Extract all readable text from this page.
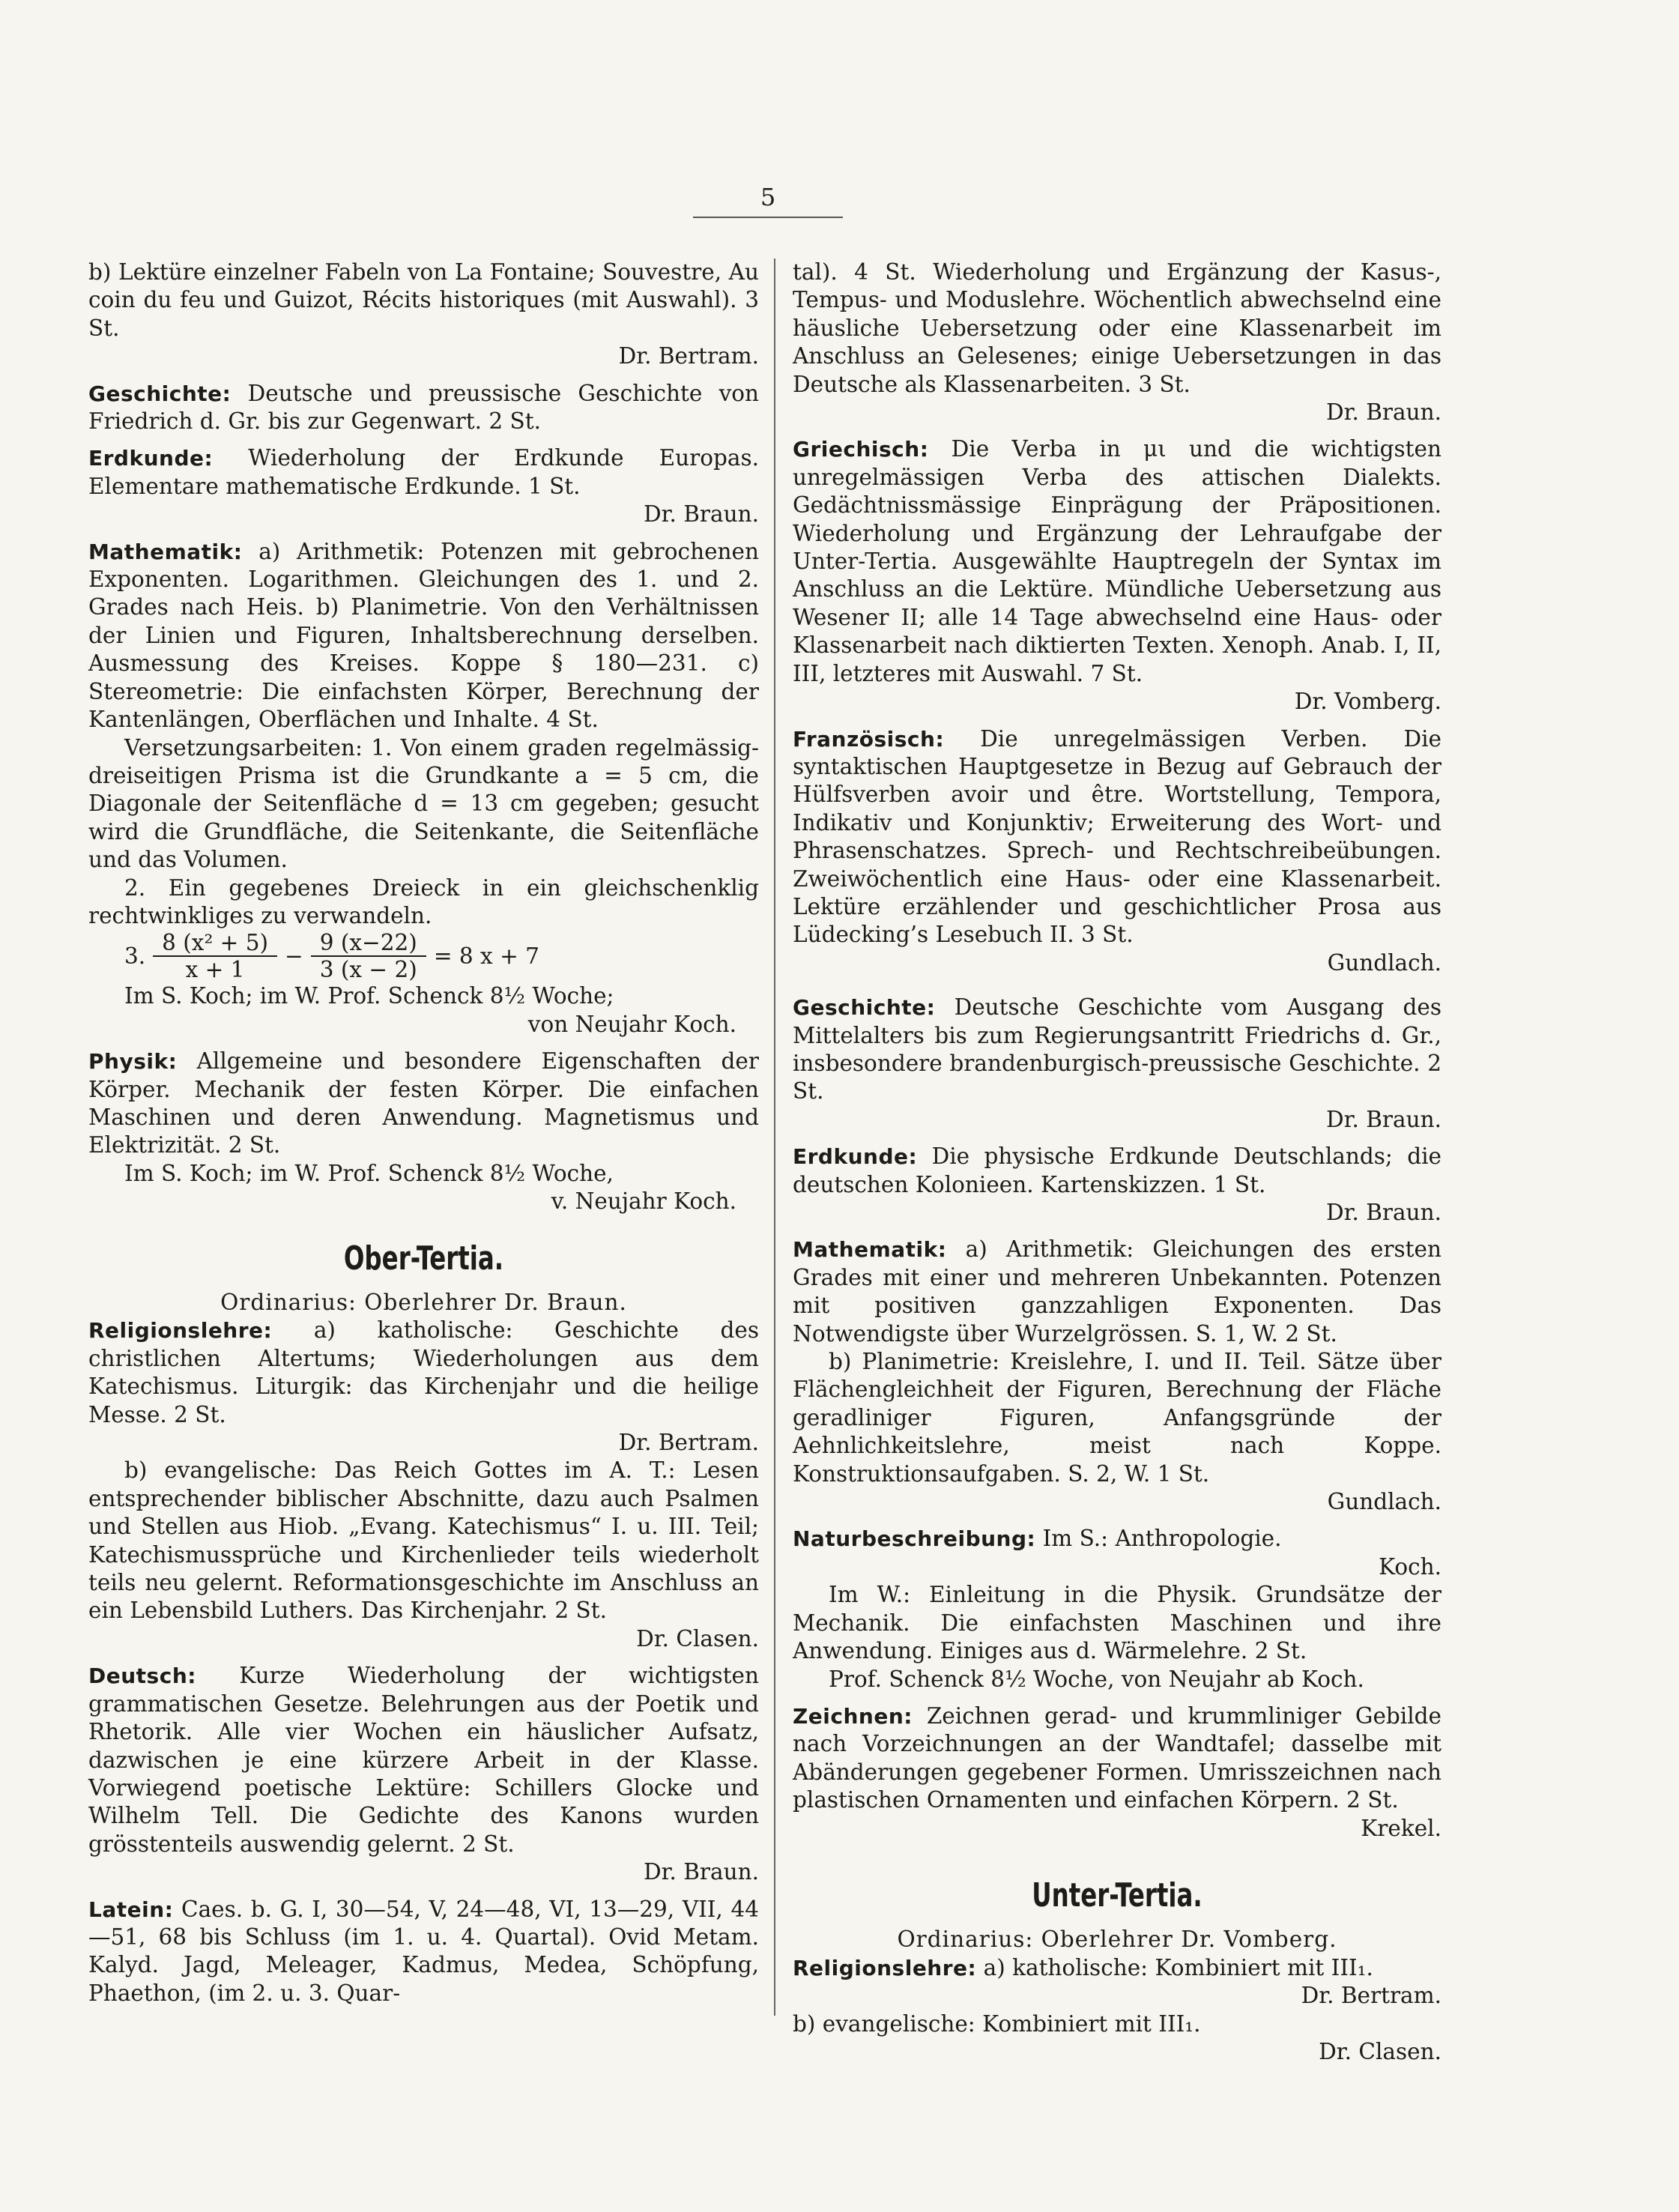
5

b) Lektüre einzelner Fabeln von La Fontaine; Souvestre, Au coin du feu und Guizot, Récits historiques (mit Auswahl). 3 St.

Dr. Bertram.

Geschichte: Deutsche und preussische Geschichte von Friedrich d. Gr. bis zur Gegenwart. 2 St.

Erdkunde: Wiederholung der Erdkunde Europas. Elementare mathematische Erdkunde. 1 St.

Dr. Braun.

Mathematik: a) Arithmetik: Potenzen mit gebrochenen Exponenten. Logarithmen. Gleichungen des 1. und 2. Grades nach Heis. b) Planimetrie. Von den Verhältnissen der Linien und Figuren, Inhaltsberechnung derselben. Ausmessung des Kreises. Koppe § 180—231. c) Stereometrie: Die einfachsten Körper, Berechnung der Kantenlängen, Oberflächen und Inhalte. 4 St.

Versetzungsarbeiten: 1. Von einem graden regelmässig-dreiseitigen Prisma ist die Grundkante a = 5 cm, die Diagonale der Seitenfläche d = 13 cm gegeben; gesucht wird die Grundfläche, die Seitenkante, die Seitenfläche und das Volumen.

2. Ein gegebenes Dreieck in ein gleichschenklig rechtwinkliges zu verwandeln.

3. $\frac{\text{8 (x² + 5)}}{x + 1} - \frac{9 (x-22)}{3 (x - 2)} = 8$ x + 7

Im S. Koch; im W. Prof. Schenck 8½ Woche;

von Neujahr Koch.

Physik: Allgemeine und besondere Eigenschaften der Körper. Mechanik der festen Körper. Die einfachen Maschinen und deren Anwendung. Magnetismus und Elektrizität. 2 St.

Im S. Koch; im W. Prof. Schenck 8½ Woche,

v. Neujahr Koch.

Ober-Tertia.

Ordinarius: Oberlehrer Dr. Braun.

Religionslehre: a) katholische: Geschichte des christlichen Altertums; Wiederholungen aus dem Katechismus. Liturgik: das Kirchenjahr und die heilige Messe. 2 St.

Dr. Bertram.

b) evangelische: Das Reich Gottes im A. T.: Lesen entsprechender biblischer Abschnitte, dazu auch Psalmen und Stellen aus Hiob. „Evang. Katechismus“ I. u. III. Teil; Katechismussprüche und Kirchenlieder teils wiederholt teils neu gelernt. Reformationsgeschichte im Anschluss an ein Lebensbild Luthers. Das Kirchenjahr. 2 St.

Dr. Clasen.

Deutsch: Kurze Wiederholung der wichtigsten grammatischen Gesetze. Belehrungen aus der Poetik und Rhetorik. Alle vier Wochen ein häuslicher Aufsatz, dazwischen je eine kürzere Arbeit in der Klasse. Vorwiegend poetische Lektüre: Schillers Glocke und Wilhelm Tell. Die Gedichte des Kanons wurden grösstenteils auswendig gelernt. 2 St.

Dr. Braun.

Latein: Caes. b. G. I, 30—54, V, 24—48, VI, 13—29, VII, 44—51, 68 bis Schluss (im 1. u. 4. Quartal). Ovid Metam. Kalyd. Jagd, Meleager, Kadmus, Medea, Schöpfung, Phaethon, (im 2. u. 3. Quar-

tal). 4 St. Wiederholung und Ergänzung der Kasus-, Tempus- und Moduslehre. Wöchentlich abwechselnd eine häusliche Uebersetzung oder eine Klassenarbeit im Anschluss an Gelesenes; einige Uebersetzungen in das Deutsche als Klassenarbeiten. 3 St.

Dr. Braun.

Griechisch: Die Verba in μι und die wichtigsten unregelmässigen Verba des attischen Dialekts. Gedächtnissmässige Einprägung der Präpositionen. Wiederholung und Ergänzung der Lehraufgabe der Unter-Tertia. Ausgewählte Hauptregeln der Syntax im Anschluss an die Lektüre. Mündliche Uebersetzung aus Wesener II; alle 14 Tage abwechselnd eine Haus- oder Klassenarbeit nach diktierten Texten. Xenoph. Anab. I, II, III, letzteres mit Auswahl. 7 St.

Dr. Vomberg.

Französisch: Die unregelmässigen Verben. Die syntaktischen Hauptgesetze in Bezug auf Gebrauch der Hülfsverben avoir und être. Wortstellung, Tempora, Indikativ und Konjunktiv; Erweiterung des Wort- und Phrasenschatzes. Sprech- und Rechtschreibeübungen. Zweiwöchentlich eine Haus- oder eine Klassenarbeit. Lektüre erzählender und geschichtlicher Prosa aus Lüdecking’s Lesebuch II. 3 St.

Gundlach.

Geschichte: Deutsche Geschichte vom Ausgang des Mittelalters bis zum Regierungsantritt Friedrichs d. Gr., insbesondere brandenburgisch-preussische Geschichte. 2 St.

Dr. Braun.

Erdkunde: Die physische Erdkunde Deutschlands; die deutschen Kolonieen. Kartenskizzen. 1 St.

Dr. Braun.

Mathematik: a) Arithmetik: Gleichungen des ersten Grades mit einer und mehreren Unbekannten. Potenzen mit positiven ganzzahligen Exponenten. Das Notwendigste über Wurzelgrössen. S. 1, W. 2 St.

b) Planimetrie: Kreislehre, I. und II. Teil. Sätze über Flächengleichheit der Figuren, Berechnung der Fläche geradliniger Figuren, Anfangsgründe der Aehnlichkeitslehre, meist nach Koppe. Konstruktionsaufgaben. S. 2, W. 1 St.

Gundlach.

Naturbeschreibung: Im S.: Anthropologie.

Koch.

Im W.: Einleitung in die Physik. Grundsätze der Mechanik. Die einfachsten Maschinen und ihre Anwendung. Einiges aus d. Wärmelehre. 2 St.

Prof. Schenck 8½ Woche, von Neujahr ab Koch.

Zeichnen: Zeichnen gerad- und krummliniger Gebilde nach Vorzeichnungen an der Wandtafel; dasselbe mit Abänderungen gegebener Formen. Umrisszeichnen nach plastischen Ornamenten und einfachen Körpern. 2 St.

Krekel.

Unter-Tertia.

Ordinarius: Oberlehrer Dr. Vomberg.

Religionslehre: a) katholische: Kombiniert mit III₁.

Dr. Bertram.

b) evangelische: Kombiniert mit III₁.

Dr. Clasen.
